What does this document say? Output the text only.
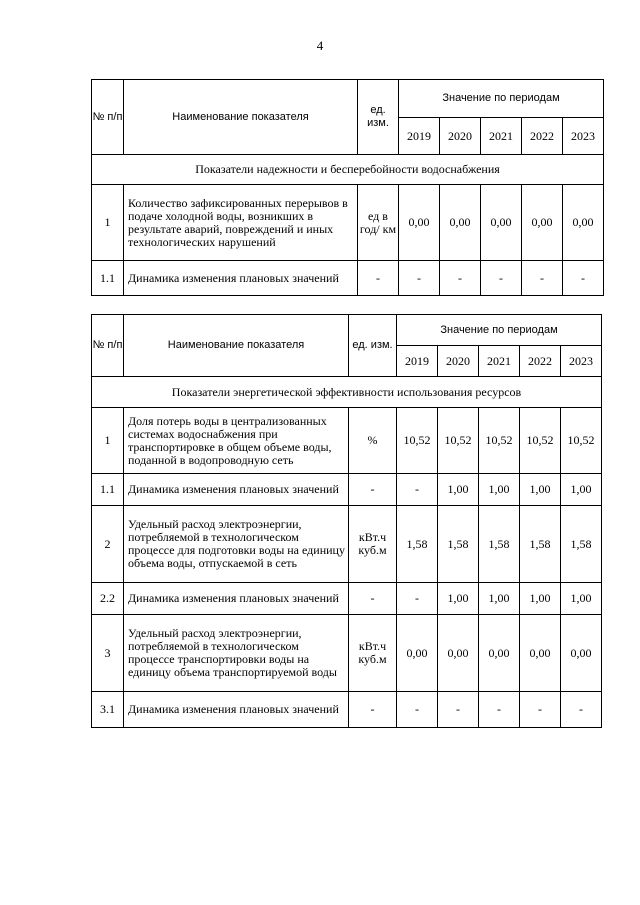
4
№ п/п	Наименование показателя	ед. изм.	Значение по периодам				
			2019	2020	2021	2022	2023
Показатели надежности и бесперебойности водоснабжения							
1	Количество зафиксированных перерывов в подаче холодной воды, возникших в результате аварий, повреждений и иных технологических нарушений	ед в год/ км	0,00	0,00	0,00	0,00	0,00
1.1	Динамика изменения плановых значений	-	-	-	-	-	-
№ п/п	Наименование показателя	ед. изм.	Значение по периодам				
			2019	2020	2021	2022	2023
Показатели энергетической эффективности использования ресурсов							
1	Доля потерь воды в централизованных системах водоснабжения при транспортировке в общем объеме воды, поданной в водопроводную сеть	%	10,52	10,52	10,52	10,52	10,52
1.1	Динамика изменения плановых значений	-	-	1,00	1,00	1,00	1,00
2	Удельный расход электроэнергии, потребляемой в технологическом процессе для подготовки воды на единицу объема воды, отпускаемой в сеть	кВт.ч куб.м	1,58	1,58	1,58	1,58	1,58
2.2	Динамика изменения плановых значений	-	-	1,00	1,00	1,00	1,00
3	Удельный расход электроэнергии, потребляемой в технологическом процессе транспортировки воды на единицу объема транспортируемой воды	кВт.ч куб.м	0,00	0,00	0,00	0,00	0,00
3.1	Динамика изменения плановых значений	-	-	-	-	-	-
